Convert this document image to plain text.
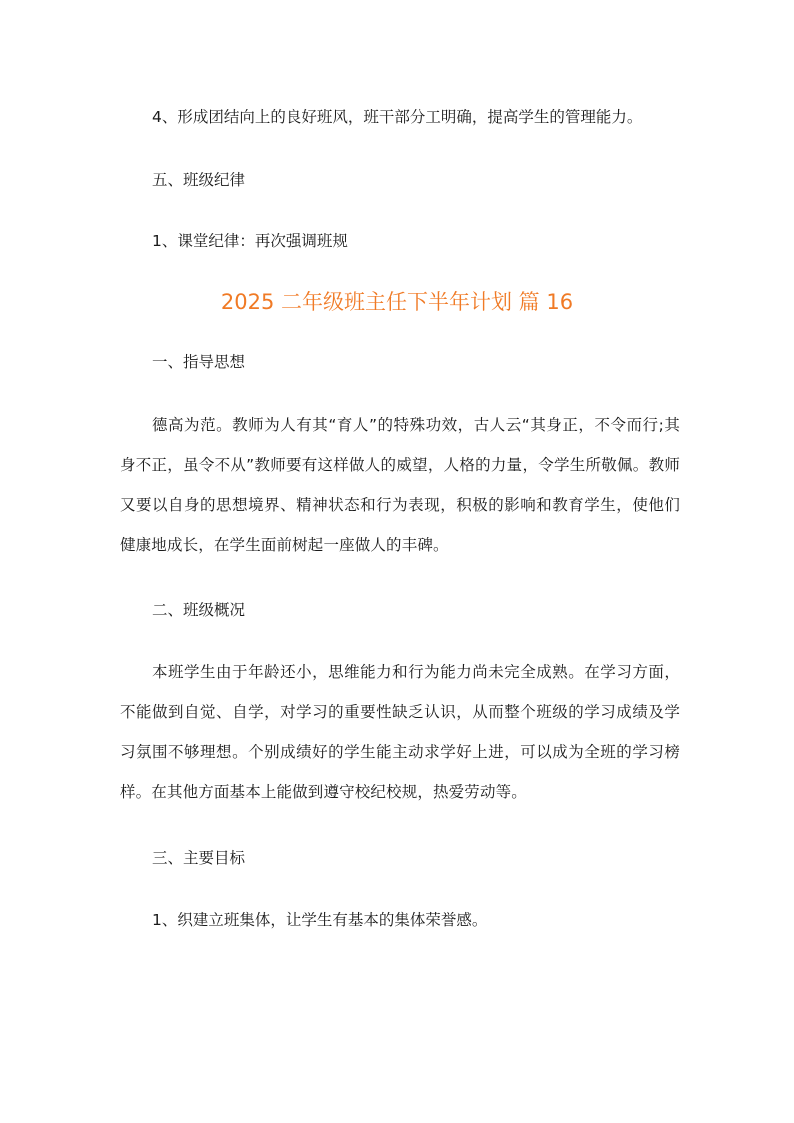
4、形成团结向上的良好班风，班干部分工明确，提高学生的管理能力。
五、班级纪律
1、课堂纪律：再次强调班规
2025 二年级班主任下半年计划 篇 16
一、指导思想
德高为范。教师为人有其“育人”的特殊功效，古人云“其身正，不令而行;其身不正，虽令不从”教师要有这样做人的威望，人格的力量，令学生所敬佩。教师又要以自身的思想境界、精神状态和行为表现，积极的影响和教育学生，使他们健康地成长，在学生面前树起一座做人的丰碑。
二、班级概况
本班学生由于年龄还小，思维能力和行为能力尚未完全成熟。在学习方面，不能做到自觉、自学，对学习的重要性缺乏认识，从而整个班级的学习成绩及学习氛围不够理想。个别成绩好的学生能主动求学好上进，可以成为全班的学习榜样。在其他方面基本上能做到遵守校纪校规，热爱劳动等。
三、主要目标
1、织建立班集体，让学生有基本的集体荣誉感。
